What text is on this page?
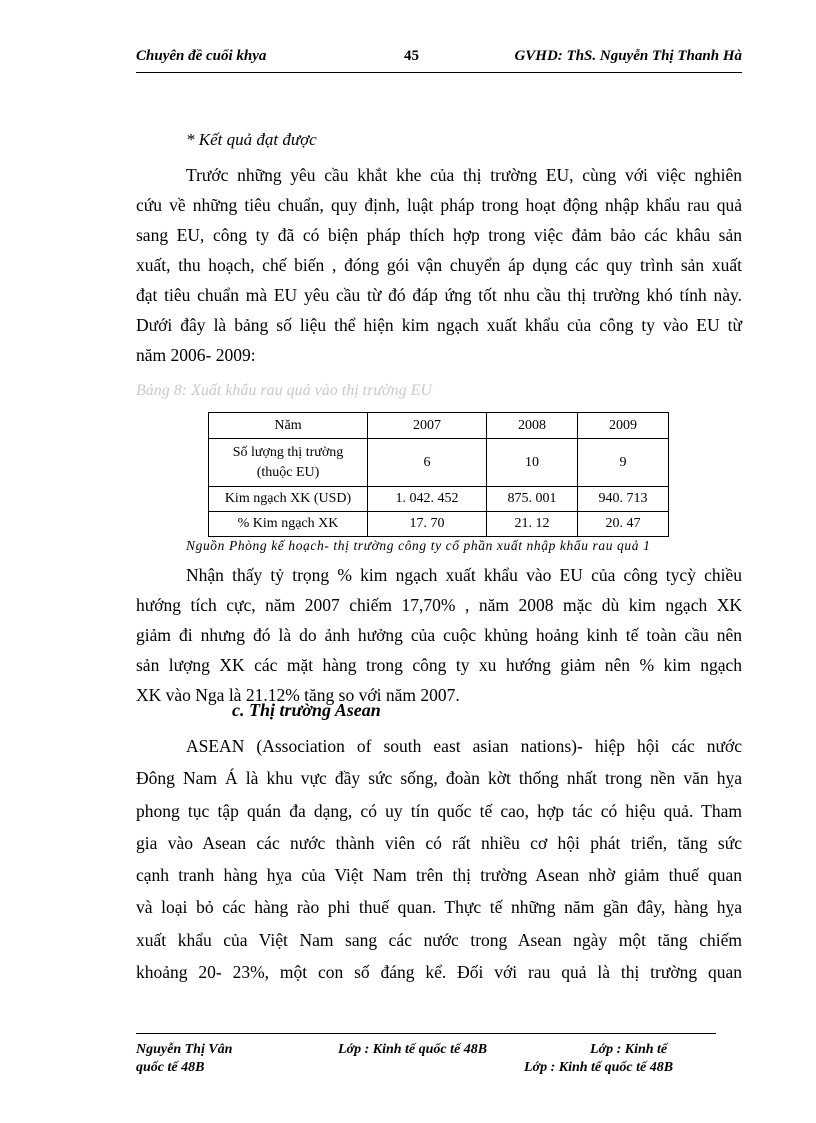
Chuyên đề cuối khya	45	GVHD: ThS. Nguyễn Thị Thanh Hà
* Kết quả đạt được
Trước những yêu cầu khắt khe của thị trường EU, cùng với việc nghiên
cứu về những tiêu chuẩn, quy định, luật pháp trong hoạt động nhập khẩu rau quả
sang EU, công ty đã có biện pháp thích hợp trong việc đảm bảo các khâu sản
xuất, thu hoạch, chế biến , đóng gói vận chuyển áp dụng các quy trình sản xuất
đạt tiêu chuẩn mà EU yêu cầu từ đó đáp ứng tốt nhu cầu thị trường khó tính này.
Dưới đây là bảng số liệu thể hiện kim ngạch xuất khẩu của công ty vào EU từ
năm 2006- 2009:
Bảng 8: Xuất khẩu rau quả vào thị trường EU
Năm	2007	2008	2009

Số lượng thị trường
(thuộc EU)	6	10	9
Kim ngạch XK (USD)	1. 042. 452	875. 001	940. 713
% Kim ngạch XK	17. 70	21. 12	20. 47
Nguồn Phòng kế hoạch- thị trường công ty cổ phần xuất nhập khẩu rau quả 1
Nhận thấy tỷ trọng % kim ngạch xuất khẩu vào EU của công tycỳ chiều
hướng tích cực, năm 2007 chiếm 17,70% , năm 2008 mặc dù kim ngạch XK
giảm đi nhưng đó là do ảnh hưởng của cuộc khủng hoảng kinh tế toàn cầu nên
sản lượng XK các mặt hàng trong công ty xu hướng giảm nên % kim ngạch
XK vào Nga là 21.12% tăng so với năm 2007.
c. Thị trường Asean
ASEAN (Association of south east asian nations)- hiệp hội các nước
Đông Nam Á là khu vực đầy sức sống, đoàn kờt thống nhất trong nền văn hỵa
phong tục tập quán đa dạng, có uy tín quốc tế cao, hợp tác có hiệu quả. Tham
gia vào Asean các nước thành viên có rất nhiều cơ hội phát triển, tăng sức
cạnh tranh hàng hỵa của Việt Nam trên thị trường Asean nhờ giảm thuế quan
và loại bỏ các hàng rào phi thuế quan. Thực tế những năm gần đây, hàng hỵa
xuất khẩu của Việt Nam sang các nước trong Asean ngày một tăng chiếm
khoảng 20- 23%, một con số đáng kể. Đối với rau quả là thị trường quan
Nguyễn Thị Vân	Lớp : Kinh tế quốc tế 48B	Lớp : Kinh tế
quốc tế 48B	Lớp : Kinh tế quốc tế 48B
